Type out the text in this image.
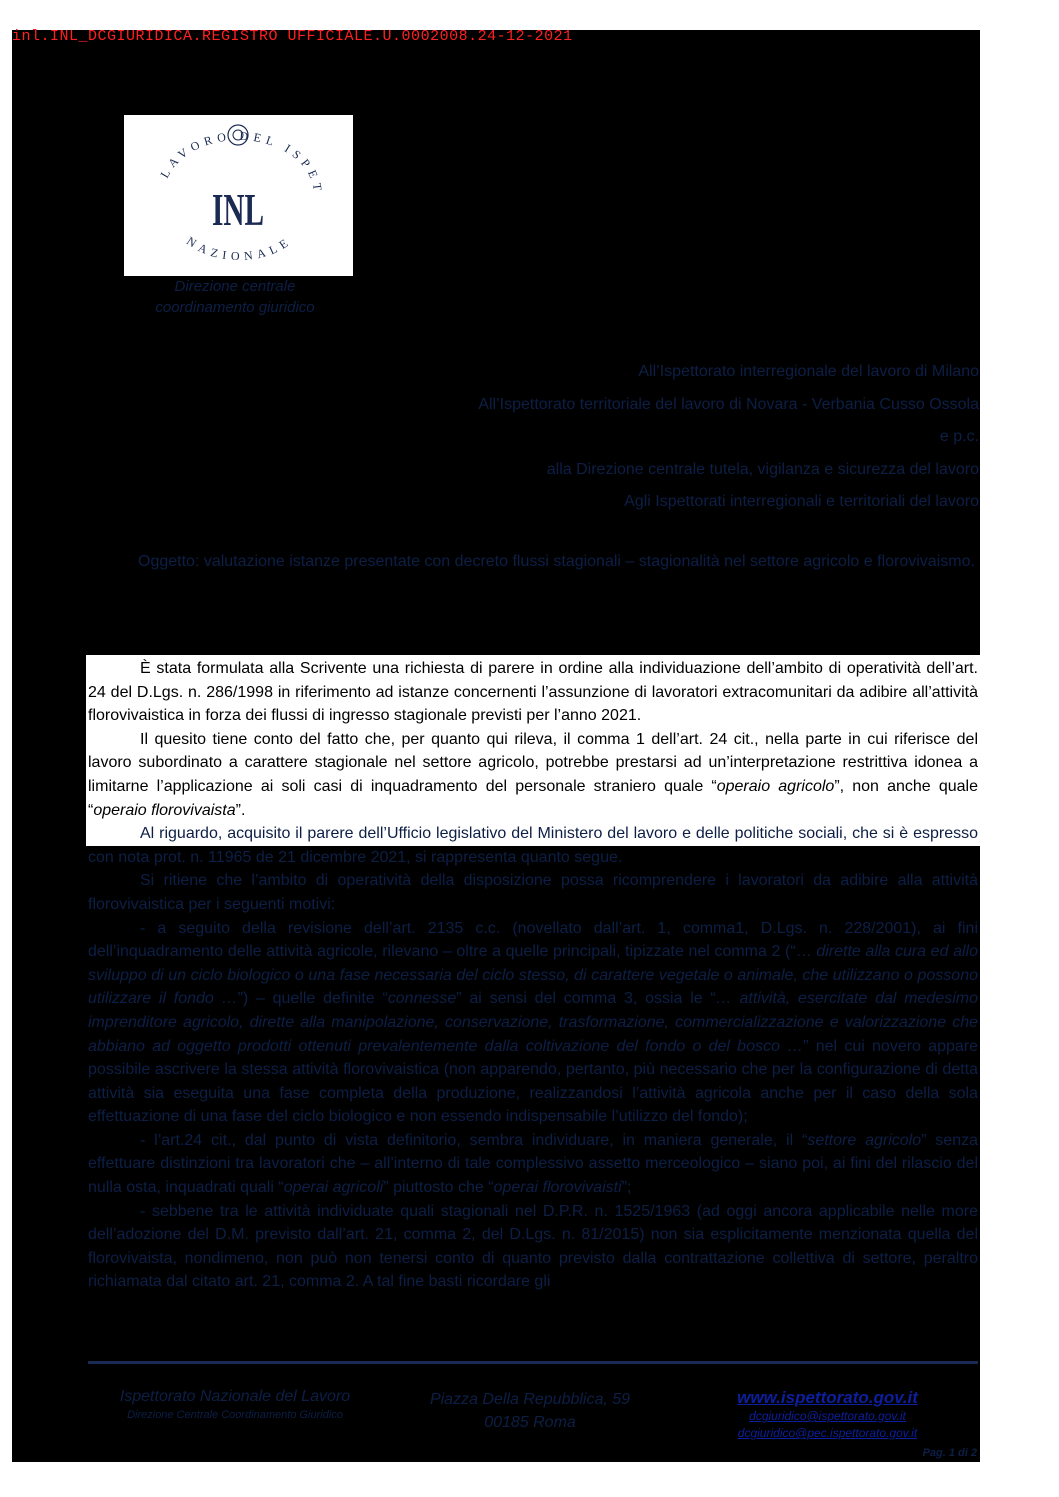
inl.INL_DCGIURIDICA.REGISTRO UFFICIALE.U.0002008.24-12-2021
LAVORO DEL ISPET
NAZIONALE
INL
Direzione centrale
coordinamento giuridico
All’Ispettorato interregionale del lavoro di Milano
All’Ispettorato territoriale del lavoro di Novara - Verbania Cusso Ossola
e p.c.
alla Direzione centrale tutela, vigilanza e sicurezza del lavoro
Agli Ispettorati interregionali e territoriali del lavoro
Oggetto: valutazione istanze presentate con decreto flussi stagionali – stagionalità nel settore agricolo e florovivaismo.

È stata formulata alla Scrivente una richiesta di parere in ordine alla individuazione dell’ambito di operatività dell’art. 24 del D.Lgs. n. 286/1998 in riferimento ad istanze concernenti l’assunzione di lavoratori extracomunitari da adibire all’attività florovivaistica in forza dei flussi di ingresso stagionale previsti per l’anno 2021.

Il quesito tiene conto del fatto che, per quanto qui rileva, il comma 1 dell’art. 24 cit., nella parte in cui riferisce del lavoro subordinato a carattere stagionale nel settore agricolo, potrebbe prestarsi ad un’interpretazione restrittiva idonea a limitarne l’applicazione ai soli casi di inquadramento del personale straniero quale “operaio agricolo”, non anche quale “operaio florovivaista”.

Al riguardo, acquisito il parere dell’Ufficio legislativo del Ministero del lavoro e delle politiche sociali, che si è espresso con nota prot. n. 11965 de 21 dicembre 2021, si rappresenta quanto segue.

Si ritiene che l’ambito di operatività della disposizione possa ricomprendere i lavoratori da adibire alla attività florovivaistica per i seguenti motivi:

- a seguito della revisione dell’art. 2135 c.c. (novellato dall’art. 1, comma1, D.Lgs. n. 228/2001), ai fini dell’inquadramento delle attività agricole, rilevano – oltre a quelle principali, tipizzate nel comma 2 (“… dirette alla cura ed allo sviluppo di un ciclo biologico o una fase necessaria del ciclo stesso, di carattere vegetale o animale, che utilizzano o possono utilizzare il fondo …”) – quelle definite “connesse” ai sensi del comma 3, ossia le “… attività, esercitate dal medesimo imprenditore agricolo, dirette alla manipolazione, conservazione, trasformazione, commercializzazione e valorizzazione che abbiano ad oggetto prodotti ottenuti prevalentemente dalla coltivazione del fondo o del bosco …” nel cui novero appare possibile ascrivere la stessa attività florovivaistica (non apparendo, pertanto, più necessario che per la configurazione di detta attività sia eseguita una fase completa della produzione, realizzandosi l’attività agricola anche per il caso della sola effettuazione di una fase del ciclo biologico e non essendo indispensabile l’utilizzo del fondo);

- l’art.24 cit., dal punto di vista definitorio, sembra individuare, in maniera generale, il “settore agricolo” senza effettuare distinzioni tra lavoratori che – all’interno di tale complessivo assetto merceologico – siano poi, ai fini del rilascio del nulla osta, inquadrati quali “operai agricoli” piuttosto che “operai florovivaisti”;

- sebbene tra le attività individuate quali stagionali nel D.P.R. n. 1525/1963 (ad oggi ancora applicabile nelle more dell’adozione del D.M. previsto dall’art. 21, comma 2, del D.Lgs. n. 81/2015) non sia esplicitamente menzionata quella del florovivaista, nondimeno, non può non tenersi conto di quanto previsto dalla contrattazione collettiva di settore, peraltro richiamata dal citato art. 21, comma 2. A tal fine basti ricordare gli

Ispettorato Nazionale del Lavoro
Direzione Centrale Coordinamento Giuridico
Piazza Della Repubblica, 59
00185 Roma
www.ispettorato.gov.it
dcgiuridico@ispettorato.gov.it
dcgiuridico@pec.ispettorato.gov.it
Pag. 1 di 2
